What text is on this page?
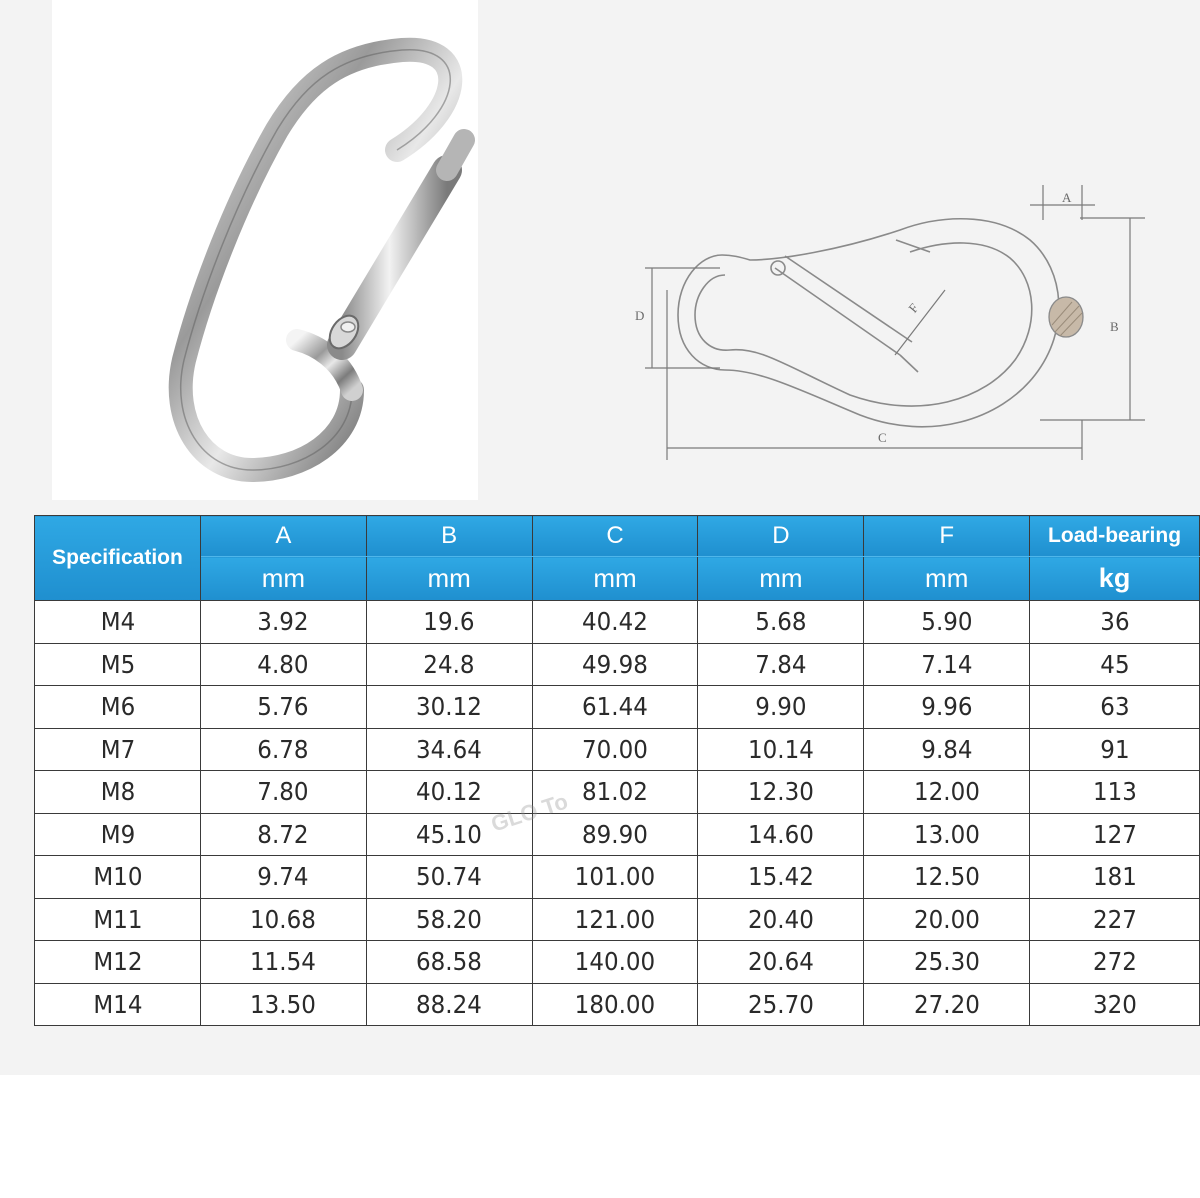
A
B
C
D	F
Specification	A	B	C	D	F	Load-bearing
	mm	mm	mm	mm	mm	kg
M4	3.92	19.6	40.42	5.68	5.90	36
M5	4.80	24.8	49.98	7.84	7.14	45
M6	5.76	30.12	61.44	9.90	9.96	63
M7	6.78	34.64	70.00	10.14	9.84	91
M8	7.80	40.12	81.02	12.30	12.00	113
M9	8.72	45.10	89.90	14.60	13.00	127
M10	9.74	50.74	101.00	15.42	12.50	181
M11	10.68	58.20	121.00	20.40	20.00	227
M12	11.54	68.58	140.00	20.64	25.30	272
M14	13.50	88.24	180.00	25.70	27.20	320
GLO To
